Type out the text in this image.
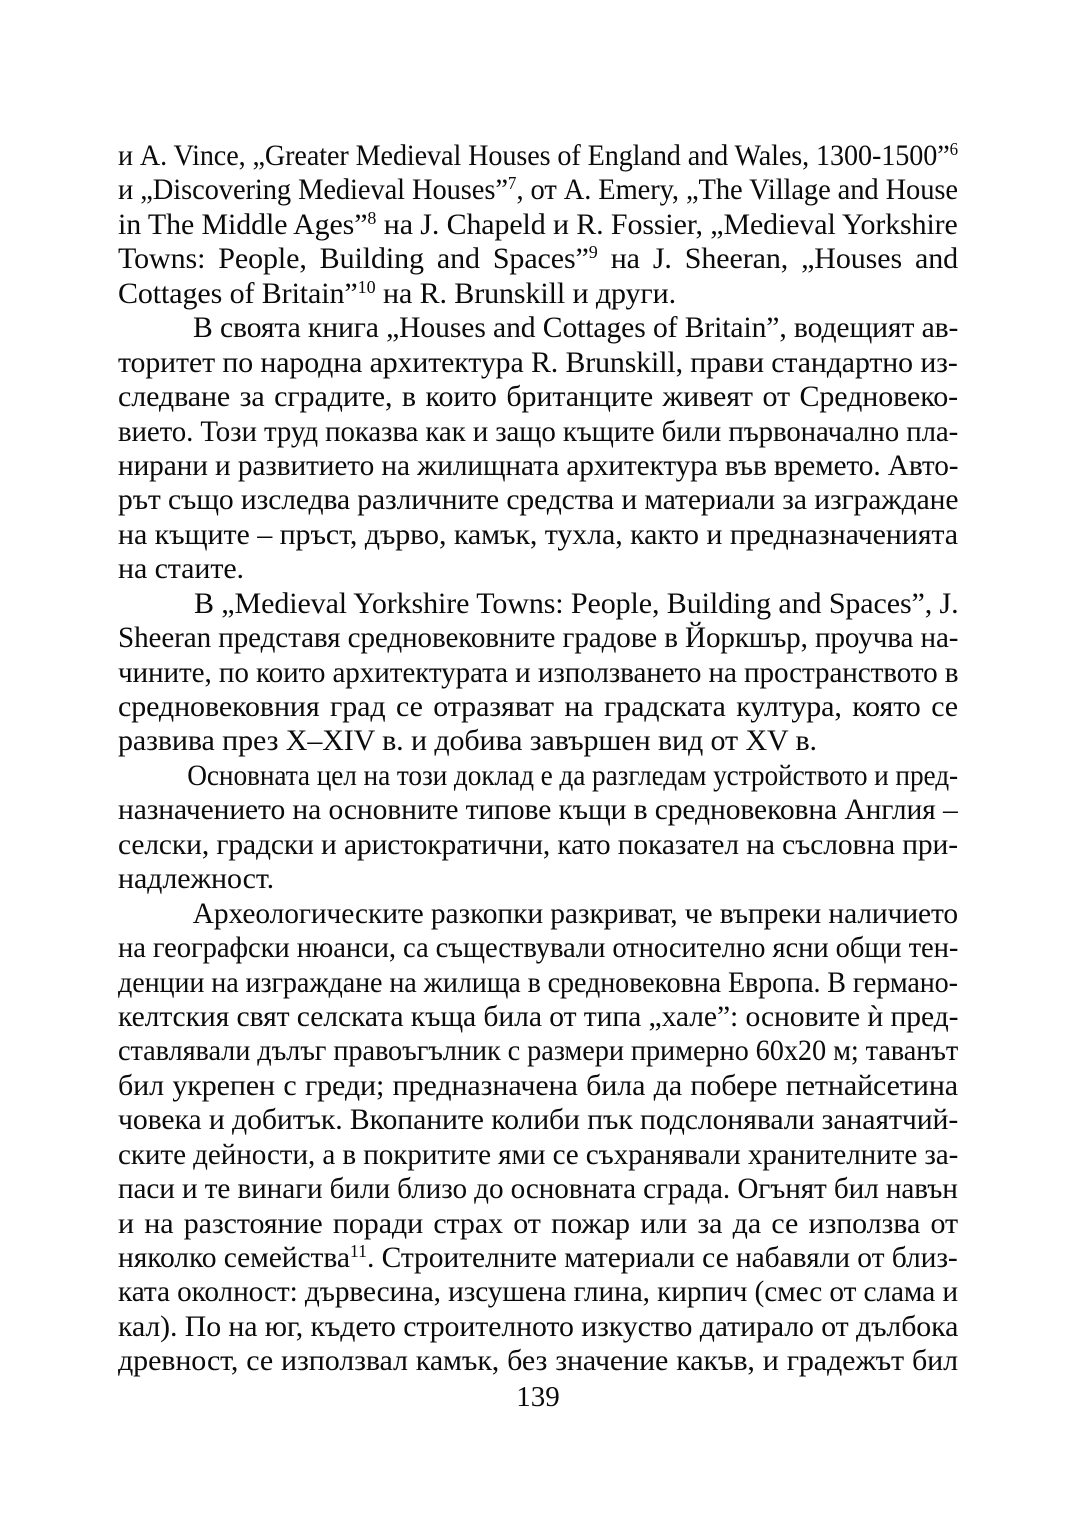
и A. Vince, „Greater Medieval Houses of England and Wales, 1300-1500”$^6$
и „Discovering Medieval Houses”$^7$, от A. Emery, „The Village and House
in The Middle Ages”$^8$ на J. Chapeld и R. Fossier, „Medieval Yorkshire
Towns: People, Building and Spaces”$^9$ на J. Sheeran, „Houses and
Cottages of Britain”$^{10}$ на R. Brunskill и други.
В своята книга „Houses and Cottages of Britain”, водещият ав-
торитет по народна архитектура R. Brunskill, прави стандартно из-
следване за сградите, в които британците живеят от Средновеко-
вието. Този труд показва как и защо къщите били първоначално пла-
нирани и развитието на жилищната архитектура във времето. Авто-
рът също изследва различните средства и материали за изграждане
на къщите – пръст, дърво, камък, тухла, както и предназначенията
на стаите.
В „Medieval Yorkshire Towns: People, Building and Spaces”, J.
Sheeran представя средновековните градове в Йоркшър, проучва на-
чините, по които архитектурата и използването на пространството в
средновековния град се отразяват на градската култура, която се
развива през X–XIV в. и добива завършен вид от XV в.
Основната цел на този доклад е да разгледам устройството и пред-
назначението на основните типове къщи в средновековна Англия –
селски, градски и аристократични, като показател на съсловна при-
надлежност.
Археологическите разкопки разкриват, че въпреки наличието
на географски нюанси, са съществували относително ясни общи тен-
денции на изграждане на жилища в средновековна Европа. В германо-
келтския свят селската къща била от типа „хале”: основите ѝ пред-
ставлявали дълъг правоъгълник с размери примерно 60х20 м; таванът
бил укрепен с греди; предназначена била да побере петнайсетина
човека и добитък. Вкопаните колиби пък подслонявали занаятчий-
ските дейности, а в покритите ями се съхранявали хранителните за-
паси и те винаги били близо до основната сграда. Огънят бил навън
и на разстояние поради страх от пожар или за да се използва от
няколко семейства$^{11}$. Строителните материали се набавяли от близ-
ката околност: дървесина, изсушена глина, кирпич (смес от слама и
кал). По на юг, където строителното изкуство датирало от дълбока
древност, се използвал камък, без значение какъв, и градежът бил
139
